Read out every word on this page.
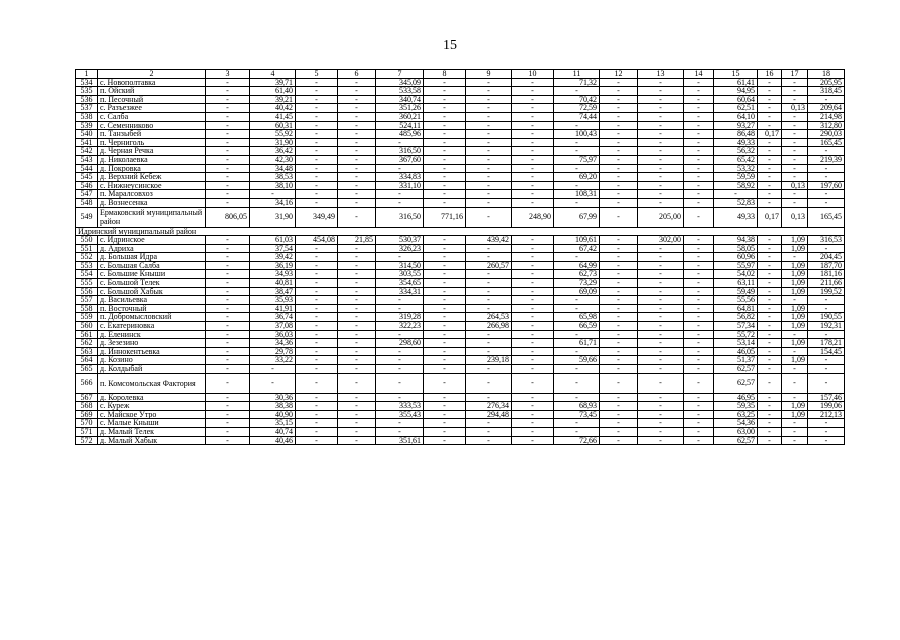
15
1	2	3	4	5	6	7	8	9	10	11	12	13	14	15	16	17	18
534	с. Новополтавка	-	39,71	-	-	345,09	-	-	-	71,32	-	-	-	61,41	-	-	205,95
535	п. Ойский	-	61,40	-	-	533,58	-	-	-	-	-	-	-	94,95	-	-	318,45
536	п. Песочный	-	39,21	-	-	340,74	-	-	-	70,42	-	-	-	60,64	-	-	-
537	с. Разъезжее	-	40,42	-	-	351,26	-	-	-	72,59	-	-	-	62,51	-	0,13	209,64
538	с. Салба	-	41,45	-	-	360,21	-	-	-	74,44	-	-	-	64,10	-	-	214,98
539	с. Семенниково	-	60,31	-	-	524,11	-	-	-	-	-	-	-	93,27	-	-	312,80
540	п. Танзыбей	-	55,92	-	-	485,96	-	-	-	100,43	-	-	-	86,48	0,17	-	290,03
541	п. Черниголь	-	31,90	-	-	-	-	-	-	-	-	-	-	49,33	-	-	165,45
542	д. Черная Речка	-	36,42	-	-	316,50	-	-	-	-	-	-	-	56,32	-	-	-
543	д. Николаевка	-	42,30	-	-	367,60	-	-	-	75,97	-	-	-	65,42	-	-	219,39
544	д. Покровка	-	34,48	-	-	-	-	-	-	-	-	-	-	53,32	-	-	-
545	д. Верхний Кебеж	-	38,53	-	-	334,83	-	-	-	69,20	-	-	-	59,59	-	-	-
546	с. Нижнеусинское	-	38,10	-	-	331,10	-	-	-	-	-	-	-	58,92	-	0,13	197,60
547	п. Маралсовхоз	-	-	-	-	-	-	-	-	108,31	-	-	-	-	-	-	-
548	д. Вознесенка	-	34,16	-	-	-	-	-	-	-	-	-	-	52,83	-	-	-
549	Ермаковский муниципальный район	806,05	31,90	349,49	-	316,50	771,16	-	248,90	67,99	-	205,00	-	49,33	0,17	0,13	165,45
Идринский муниципальный район																	
550	с. Идринское	-	61,03	454,08	21,85	530,37	-	439,42	-	109,61	-	302,00	-	94,38	-	1,09	316,53
551	д. Адриха	-	37,54	-	-	326,23	-	-	-	67,42	-	-	-	58,05	-	1,09	-
552	д. Большая Идра	-	39,42	-	-	-	-	-	-	-	-	-	-	60,96	-	-	204,45
553	с. Большая Салба	-	36,19	-	-	314,50	-	260,57	-	64,99	-	-	-	55,97	-	1,09	187,70
554	с. Большие Кныши	-	34,93	-	-	303,55	-	-	-	62,73	-	-	-	54,02	-	1,09	181,16
555	с. Большой Телек	-	40,81	-	-	354,65	-	-	-	73,29	-	-	-	63,11	-	1,09	211,66
556	с. Большой Хабык	-	38,47	-	-	334,31	-	-	-	69,09	-	-	-	59,49	-	1,09	199,52
557	д. Васильевка	-	35,93	-	-	-	-	-	-	-	-	-	-	55,56	-	-	-
558	п. Восточный	-	41,91	-	-	-	-	-	-	-	-	-	-	64,81	-	1,09	-
559	п. Добромысловский	-	36,74	-	-	319,28	-	264,53	-	65,98	-	-	-	56,82	-	1,09	190,55
560	с. Екатериновка	-	37,08	-	-	322,23	-	266,98	-	66,59	-	-	-	57,34	-	1,09	192,31
561	д. Еленинск	-	36,03	-	-	-	-	-	-	-	-	-	-	55,72	-	-	-
562	д. Зезезино	-	34,36	-	-	298,60	-	-	-	61,71	-	-	-	53,14	-	1,09	178,21
563	д. Иннокентьевка	-	29,78	-	-	-	-	-	-	-	-	-	-	46,05	-	-	154,45
564	д. Козино	-	33,22	-	-	-	-	239,18	-	59,66	-	-	-	51,37	-	1,09	-
565	д. Колдыбай	-	-	-	-	-	-	-	-	-	-	-	-	62,57	-	-	-
566	п. Комсомольская Фактория	-	-	-	-	-	-	-	-	-	-	-	-	62,57	-	-	-
567	д. Королевка	-	30,36	-	-	-	-	-	-	-	-	-	-	46,95	-	-	157,46
568	с. Куреж	-	38,38	-	-	333,53	-	276,34	-	68,93	-	-	-	59,35	-	1,09	199,06
569	с. Майское Утро	-	40,90	-	-	355,43	-	294,48	-	73,45	-	-	-	63,25	-	1,09	212,13
570	с. Малые Кныши	-	35,15	-	-	-	-	-	-	-	-	-	-	54,36	-	-	-
571	д. Малый Телек	-	40,74	-	-	-	-	-	-	-	-	-	-	63,00	-	-	-
572	д. Малый Хабык	-	40,46	-	-	351,61	-	-	-	72,66	-	-	-	62,57	-	-	-
